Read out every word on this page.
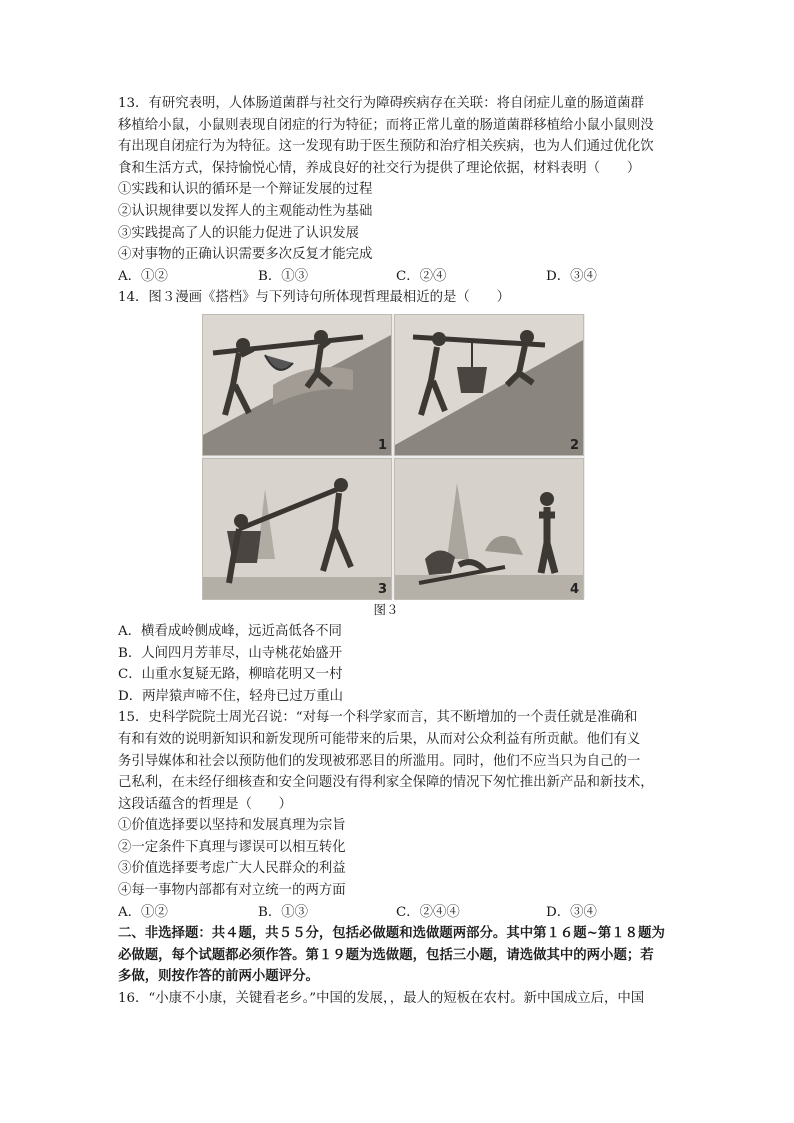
13．有研究表明，人体肠道菌群与社交行为障碍疾病存在关联：将自闭症儿童的肠道菌群
移植给小鼠，小鼠则表现自闭症的行为特征；而将正常儿童的肠道菌群移植给小鼠小鼠则没
有出现自闭症行为为特征。这一发现有助于医生预防和治疗相关疾病，也为人们通过优化饮
食和生活方式，保持愉悦心情，养成良好的社交行为提供了理论依据，材料表明（　　）
①实践和认识的循环是一个辩证发展的过程
②认识规律要以发挥人的主观能动性为基础
③实践提高了人的识能力促进了认识发展
④对事物的正确认识需要多次反复才能完成
A．①②	B．①③	C．②④	D．③④
14．图３漫画《搭档》与下列诗句所体现哲理最相近的是（　　）
1	2
3	4
图３
A．横看成岭侧成峰，远近高低各不同
B．人间四月芳菲尽，山寺桃花始盛开
C．山重水复疑无路，柳暗花明又一村
D．两岸猿声啼不住，轻舟已过万重山
15．史科学院院士周光召说：“对每一个科学家而言，其不断增加的一个责任就是准确和
有和有效的说明新知识和新发现所可能带来的后果，从而对公众利益有所贡献。他们有义
务引导媒体和社会以预防他们的发现被邪恶目的所滥用。同时，他们不应当只为自己的一
己私利，在未经仔细核查和安全问题没有得利家全保障的情况下匆忙推出新产品和新技术，
这段话蕴含的哲理是（　　）
①价值选择要以坚持和发展真理为宗旨
②一定条件下真理与谬误可以相互转化
③价值选择要考虑广大人民群众的利益
④每一事物内部都有对立统一的两方面
A．①②	B．①③	C．②④④	D．③④
二、非选择题：共４题，共５５分，包括必做题和选做题两部分。其中第１６题~第１８题为
必做题，每个试题都必须作答。第１９题为选做题，包括三小题，请选做其中的两小题；若
多做，则按作答的前两小题评分。
16．“小康不小康，关键看老乡。”中国的发展，，最人的短板在农村。新中国成立后，中国
